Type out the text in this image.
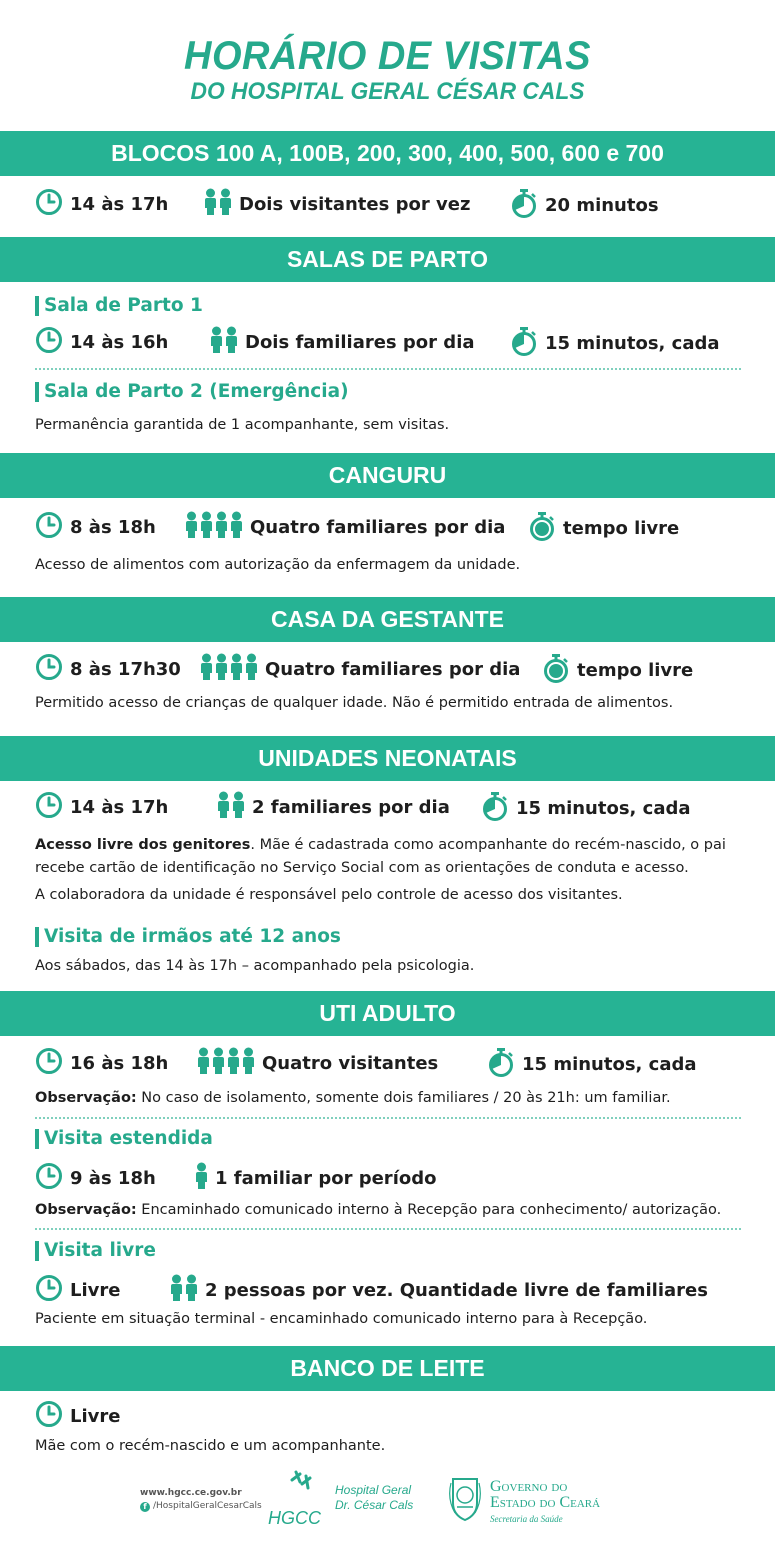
HORÁRIO DE VISITAS
DO HOSPITAL GERAL CÉSAR CALS
BLOCOS 100 A, 100B, 200, 300, 400, 500, 600 e 700
14 às 17h	Dois visitantes por vez	20 minutos
SALAS DE PARTO
Sala de Parto 1
14 às 16h	Dois familiares por dia	15 minutos, cada
Sala de Parto 2 (Emergência)
Permanência garantida de 1 acompanhante, sem visitas.
CANGURU
8 às 18h	Quatro familiares por dia	tempo livre
Acesso de alimentos com autorização da enfermagem da unidade.
CASA DA GESTANTE
8 às 17h30	Quatro familiares por dia	tempo livre
Permitido acesso de crianças de qualquer idade. Não é permitido entrada de alimentos.
UNIDADES NEONATAIS
14 às 17h	2 familiares por dia	15 minutos, cada
Acesso livre dos genitores. Mãe é cadastrada como acompanhante do recém-nascido, o pai
recebe cartão de identificação no Serviço Social com as orientações de conduta e acesso.
A colaboradora da unidade é responsável pelo controle de acesso dos visitantes.
Visita de irmãos até 12 anos
Aos sábados, das 14 às 17h – acompanhado pela psicologia.
UTI ADULTO
16 às 18h	Quatro visitantes	15 minutos, cada
Observação: No caso de isolamento, somente dois familiares / 20 às 21h: um familiar.
Visita estendida
9 às 18h	1 familiar por período
Observação: Encaminhado comunicado interno à Recepção para conhecimento/ autorização.
Visita livre
Livre	2 pessoas por vez. Quantidade livre de familiares
Paciente em situação terminal - encaminhado comunicado interno para à Recepção.
BANCO DE LEITE
Livre
Mãe com o recém-nascido e um acompanhante.
www.hgcc.ce.gov.br
f /HospitalGeralCesarCals
HGCC
Hospital Geral
Dr. César Cals
Governo do
Estado do Ceará
Secretaria da Saúde
